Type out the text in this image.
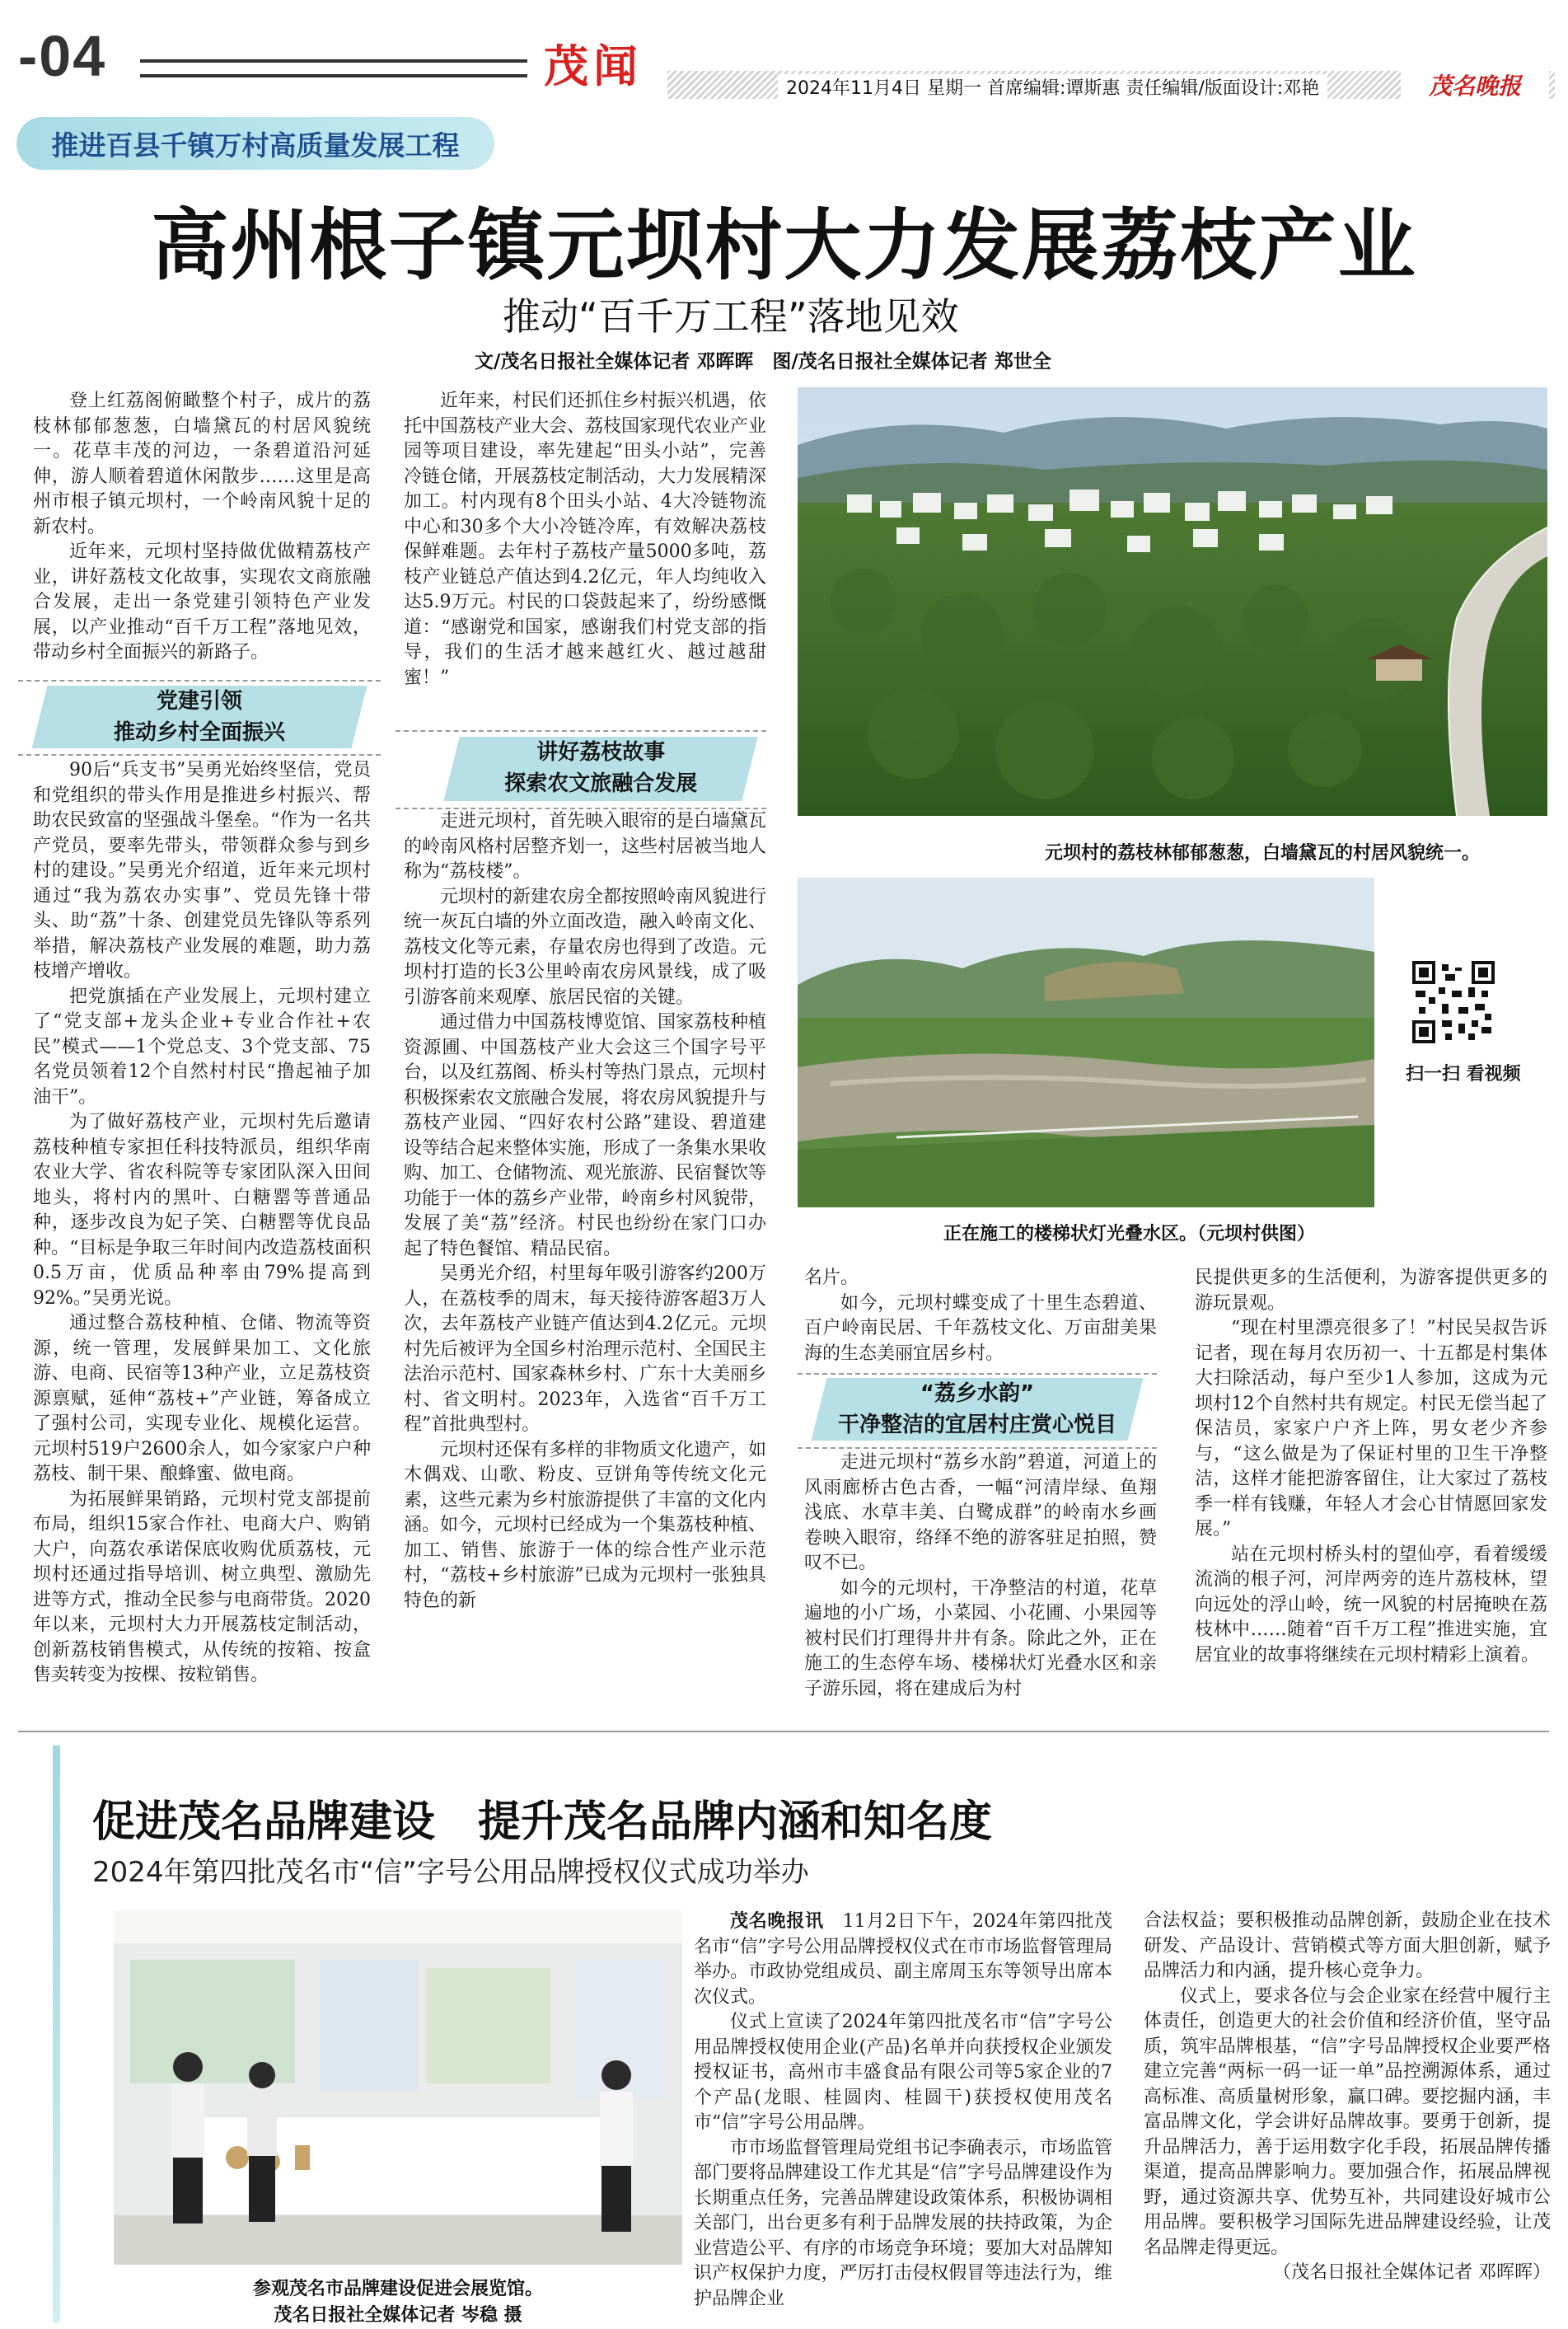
-04	茂闻	2024年11月4日 星期一 首席编辑:谭斯惠 责任编辑/版面设计:邓艳	茂名晚报
推进百县千镇万村高质量发展工程
高州根子镇元坝村大力发展荔枝产业
推动“百千万工程”落地见效
文/茂名日报社全媒体记者 邓晖晖　图/茂名日报社全媒体记者 郑世全

登上红荔阁俯瞰整个村子，成片的荔枝林郁郁葱葱，白墙黛瓦的村居风貌统一。花草丰茂的河边，一条碧道沿河延伸，游人顺着碧道休闲散步……这里是高州市根子镇元坝村，一个岭南风貌十足的新农村。

近年来，元坝村坚持做优做精荔枝产业，讲好荔枝文化故事，实现农文商旅融合发展，走出一条党建引领特色产业发展，以产业推动“百千万工程”落地见效，带动乡村全面振兴的新路子。

党建引领
推动乡村全面振兴

90后“兵支书”吴勇光始终坚信，党员和党组织的带头作用是推进乡村振兴、帮助农民致富的坚强战斗堡垒。“作为一名共产党员，要率先带头，带领群众参与到乡村的建设。”吴勇光介绍道，近年来元坝村通过“我为荔农办实事”、党员先锋十带头、助“荔”十条、创建党员先锋队等系列举措，解决荔枝产业发展的难题，助力荔枝增产增收。

把党旗插在产业发展上，元坝村建立了“党支部+龙头企业+专业合作社+农民”模式——1个党总支、3个党支部、75名党员领着12个自然村村民“撸起袖子加油干”。

为了做好荔枝产业，元坝村先后邀请荔枝种植专家担任科技特派员，组织华南农业大学、省农科院等专家团队深入田间地头，将村内的黑叶、白糖罂等普通品种，逐步改良为妃子笑、白糖罂等优良品种。“目标是争取三年时间内改造荔枝面积0.5万亩，优质品种率由79%提高到92%。”吴勇光说。

通过整合荔枝种植、仓储、物流等资源，统一管理，发展鲜果加工、文化旅游、电商、民宿等13种产业，立足荔枝资源禀赋，延伸“荔枝+”产业链，筹备成立了强村公司，实现专业化、规模化运营。元坝村519户2600余人，如今家家户户种荔枝、制干果、酿蜂蜜、做电商。

为拓展鲜果销路，元坝村党支部提前布局，组织15家合作社、电商大户、购销大户，向荔农承诺保底收购优质荔枝，元坝村还通过指导培训、树立典型、激励先进等方式，推动全民参与电商带货。2020年以来，元坝村大力开展荔枝定制活动，创新荔枝销售模式，从传统的按箱、按盒售卖转变为按棵、按粒销售。

近年来，村民们还抓住乡村振兴机遇，依托中国荔枝产业大会、荔枝国家现代农业产业园等项目建设，率先建起“田头小站”，完善冷链仓储，开展荔枝定制活动，大力发展精深加工。村内现有8个田头小站、4大冷链物流中心和30多个大小冷链冷库，有效解决荔枝保鲜难题。去年村子荔枝产量5000多吨，荔枝产业链总产值达到4.2亿元，年人均纯收入达5.9万元。村民的口袋鼓起来了，纷纷感慨道：“感谢党和国家，感谢我们村党支部的指导，我们的生活才越来越红火、越过越甜蜜！”

讲好荔枝故事
探索农文旅融合发展

走进元坝村，首先映入眼帘的是白墙黛瓦的岭南风格村居整齐划一，这些村居被当地人称为“荔枝楼”。

元坝村的新建农房全都按照岭南风貌进行统一灰瓦白墙的外立面改造，融入岭南文化、荔枝文化等元素，存量农房也得到了改造。元坝村打造的长3公里岭南农房风景线，成了吸引游客前来观摩、旅居民宿的关键。

通过借力中国荔枝博览馆、国家荔枝种植资源圃、中国荔枝产业大会这三个国字号平台，以及红荔阁、桥头村等热门景点，元坝村积极探索农文旅融合发展，将农房风貌提升与荔枝产业园、“四好农村公路”建设、碧道建设等结合起来整体实施，形成了一条集水果收购、加工、仓储物流、观光旅游、民宿餐饮等功能于一体的荔乡产业带，岭南乡村风貌带，发展了美“荔”经济。村民也纷纷在家门口办起了特色餐馆、精品民宿。

吴勇光介绍，村里每年吸引游客约200万人，在荔枝季的周末，每天接待游客超3万人次，去年荔枝产业链产值达到4.2亿元。元坝村先后被评为全国乡村治理示范村、全国民主法治示范村、国家森林乡村、广东十大美丽乡村、省文明村。2023年，入选省“百千万工程”首批典型村。

元坝村还保有多样的非物质文化遗产，如木偶戏、山歌、粉皮、豆饼角等传统文化元素，这些元素为乡村旅游提供了丰富的文化内涵。如今，元坝村已经成为一个集荔枝种植、加工、销售、旅游于一体的综合性产业示范村，“荔枝+乡村旅游”已成为元坝村一张独具特色的新

元坝村的荔枝林郁郁葱葱，白墙黛瓦的村居风貌统一。
正在施工的楼梯状灯光叠水区。（元坝村供图）
扫一扫 看视频

名片。

如今，元坝村蝶变成了十里生态碧道、百户岭南民居、千年荔枝文化、万亩甜美果海的生态美丽宜居乡村。

“荔乡水韵”
干净整洁的宜居村庄赏心悦目

走进元坝村“荔乡水韵”碧道，河道上的风雨廊桥古色古香，一幅“河清岸绿、鱼翔浅底、水草丰美、白鹭成群”的岭南水乡画卷映入眼帘，络绎不绝的游客驻足拍照，赞叹不已。

如今的元坝村，干净整洁的村道，花草遍地的小广场，小菜园、小花圃、小果园等被村民们打理得井井有条。除此之外，正在施工的生态停车场、楼梯状灯光叠水区和亲子游乐园，将在建成后为村

民提供更多的生活便利，为游客提供更多的游玩景观。

“现在村里漂亮很多了！”村民吴叔告诉记者，现在每月农历初一、十五都是村集体大扫除活动，每户至少1人参加，这成为元坝村12个自然村共有规定。村民无偿当起了保洁员，家家户户齐上阵，男女老少齐参与，“这么做是为了保证村里的卫生干净整洁，这样才能把游客留住，让大家过了荔枝季一样有钱赚，年轻人才会心甘情愿回家发展。”

站在元坝村桥头村的望仙亭，看着缓缓流淌的根子河，河岸两旁的连片荔枝林，望向远处的浮山岭，统一风貌的村居掩映在荔枝林中……随着“百千万工程”推进实施，宜居宜业的故事将继续在元坝村精彩上演着。

促进茂名品牌建设　提升茂名品牌内涵和知名度
2024年第四批茂名市“信”字号公用品牌授权仪式成功举办
参观茂名市品牌建设促进会展览馆。
茂名日报社全媒体记者 岑稳 摄

茂名晚报讯　 11月2日下午，2024年第四批茂名市“信”字号公用品牌授权仪式在市市场监督管理局举办。市政协党组成员、副主席周玉东等领导出席本次仪式。

仪式上宣读了2024年第四批茂名市“信”字号公用品牌授权使用企业(产品)名单并向获授权企业颁发授权证书，高州市丰盛食品有限公司等5家企业的7个产品(龙眼、桂圆肉、桂圆干)获授权使用茂名市“信”字号公用品牌。

市市场监督管理局党组书记李确表示，市场监管部门要将品牌建设工作尤其是“信”字号品牌建设作为长期重点任务，完善品牌建设政策体系，积极协调相关部门，出台更多有利于品牌发展的扶持政策，为企业营造公平、有序的市场竞争环境；要加大对品牌知识产权保护力度，严厉打击侵权假冒等违法行为，维护品牌企业

合法权益；要积极推动品牌创新，鼓励企业在技术研发、产品设计、营销模式等方面大胆创新，赋予品牌活力和内涵，提升核心竞争力。

仪式上，要求各位与会企业家在经营中履行主体责任，创造更大的社会价值和经济价值，坚守品质，筑牢品牌根基，“信”字号品牌授权企业要严格建立完善“两标一码一证一单”品控溯源体系，通过高标准、高质量树形象，赢口碑。要挖掘内涵，丰富品牌文化，学会讲好品牌故事。要勇于创新，提升品牌活力，善于运用数字化手段，拓展品牌传播渠道，提高品牌影响力。要加强合作，拓展品牌视野，通过资源共享、优势互补，共同建设好城市公用品牌。要积极学习国际先进品牌建设经验，让茂名品牌走得更远。

（茂名日报社全媒体记者 邓晖晖）
